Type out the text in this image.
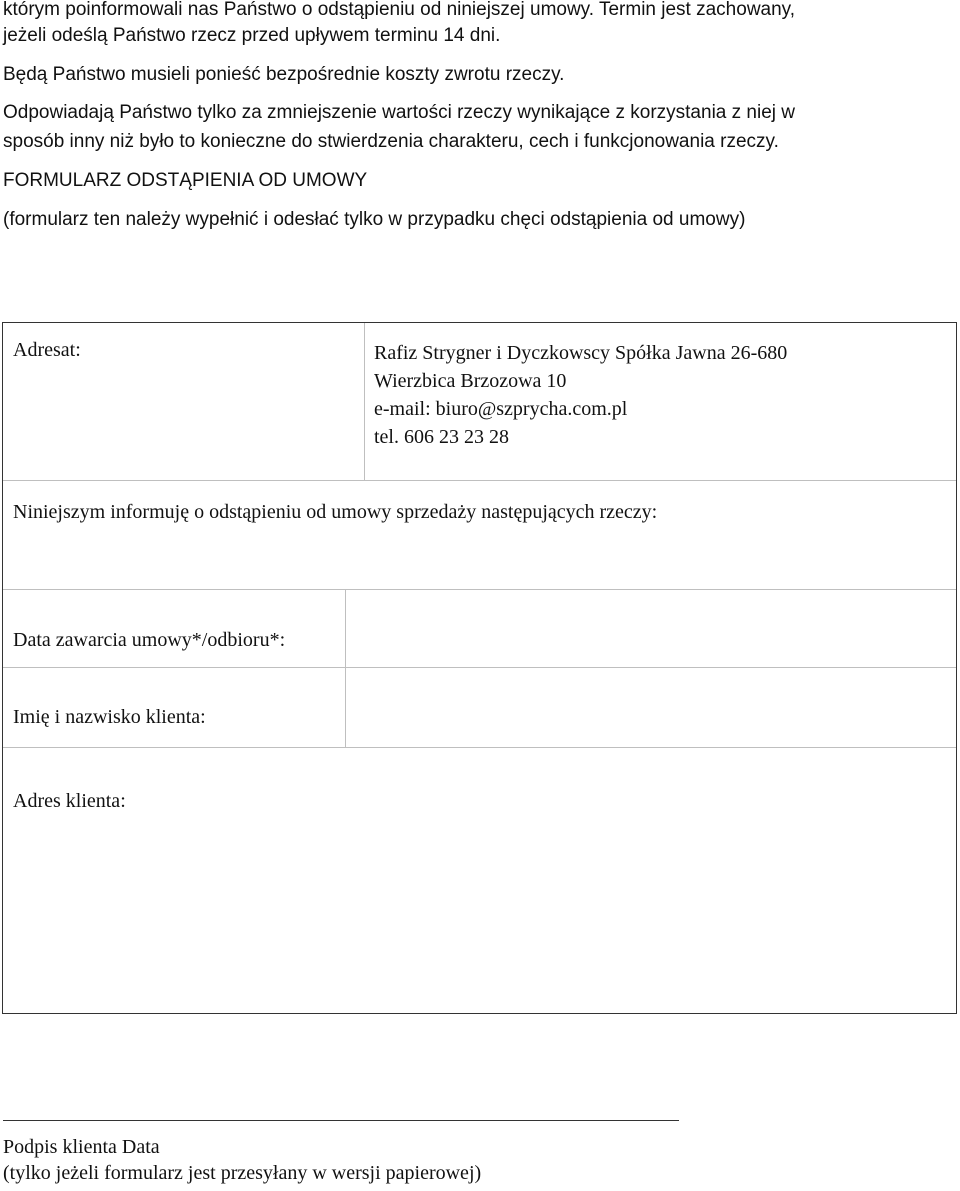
którym poinformowali nas Państwo o odstąpieniu od niniejszej umowy. Termin jest zachowany,
jeżeli odeślą Państwo rzecz przed upływem terminu 14 dni.
Będą Państwo musieli ponieść bezpośrednie koszty zwrotu rzeczy.
Odpowiadają Państwo tylko za zmniejszenie wartości rzeczy wynikające z korzystania z niej w
sposób inny niż było to konieczne do stwierdzenia charakteru, cech i funkcjonowania rzeczy.
FORMULARZ ODSTĄPIENIA OD UMOWY
(formularz ten należy wypełnić i odesłać tylko w przypadku chęci odstąpienia od umowy)
Adresat:	Rafiz Strygner i Dyczkowscy Spółka Jawna 26-680
Wierzbica Brzozowa 10
e-mail: biuro@szprycha.com.pl
tel. 606 23 23 28
Niniejszym informuję o odstąpieniu od umowy sprzedaży następujących rzeczy:
Data zawarcia umowy*/odbioru*:
Imię i nazwisko klienta:
Adres klienta:
Podpis klienta Data
(tylko jeżeli formularz jest przesyłany w wersji papierowej)
